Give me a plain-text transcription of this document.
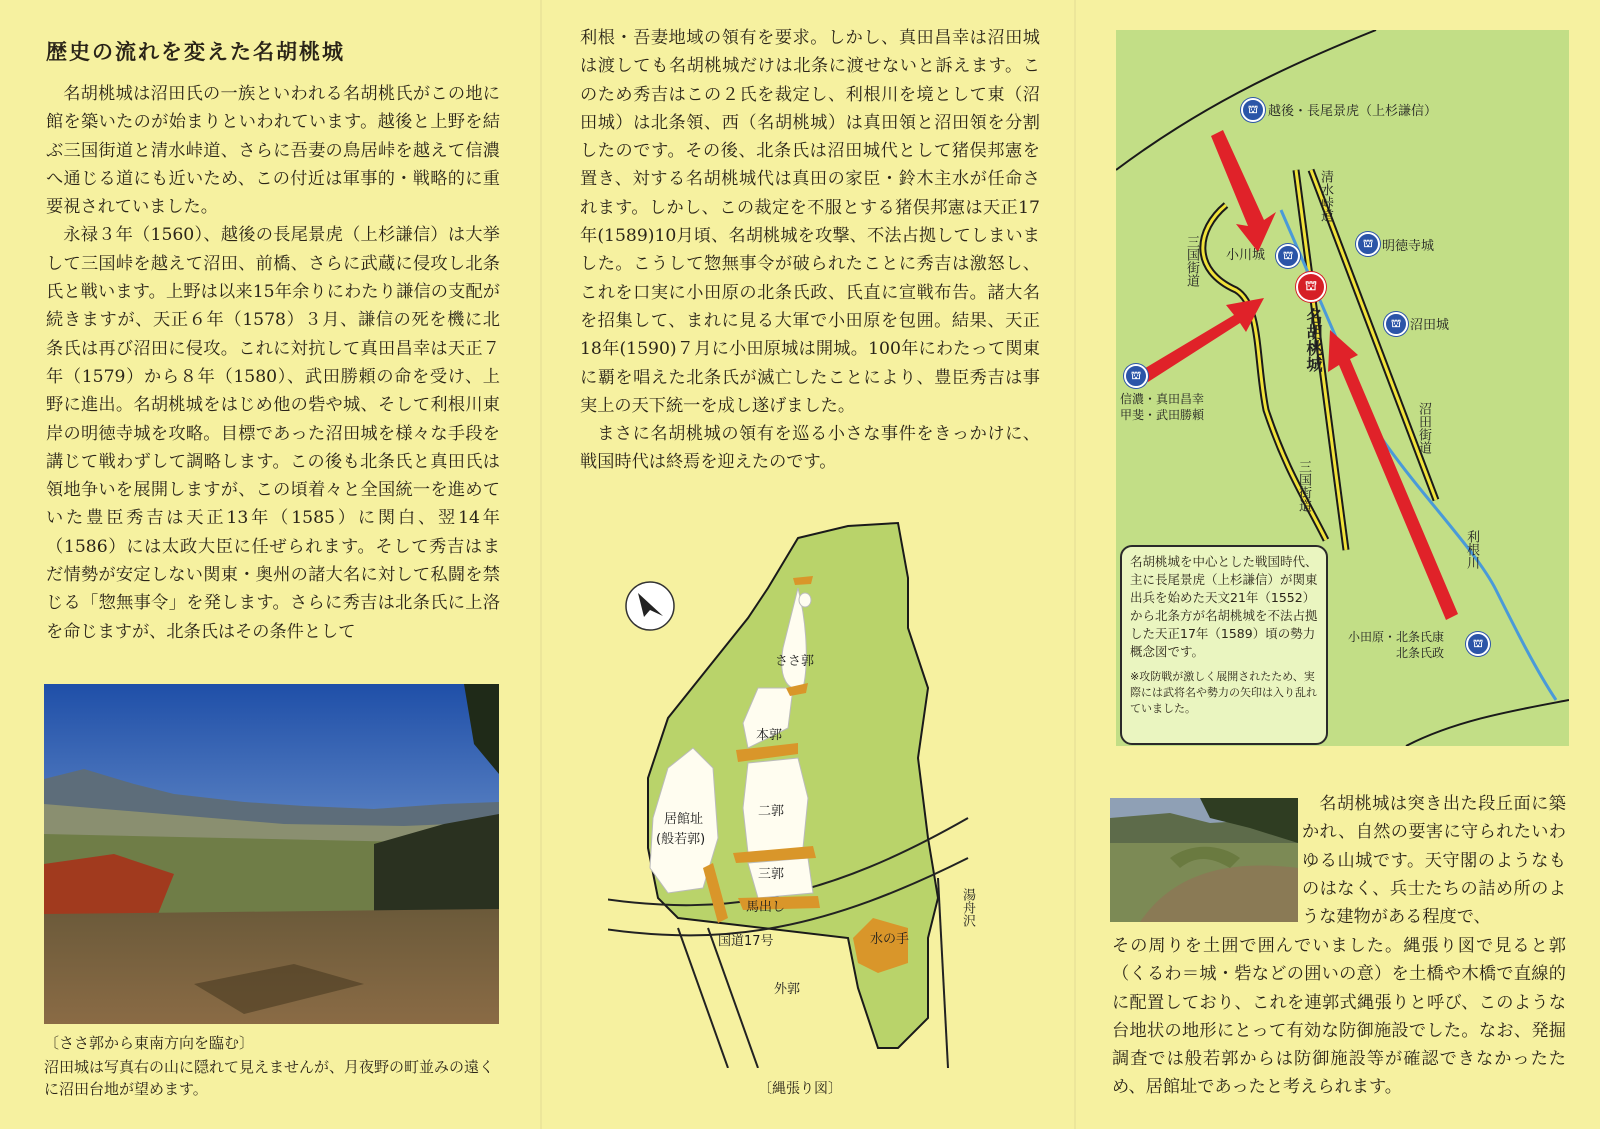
歴史の流れを変えた名胡桃城

名胡桃城は沼田氏の一族といわれる名胡桃氏がこの地に館を築いたのが始まりといわれています。越後と上野を結ぶ三国街道と清水峠道、さらに吾妻の鳥居峠を越えて信濃へ通じる道にも近いため、この付近は軍事的・戦略的に重要視されていました。

永禄３年（1560）、越後の長尾景虎（上杉謙信）は大挙して三国峠を越えて沼田、前橋、さらに武蔵に侵攻し北条氏と戦います。上野は以来15年余りにわたり謙信の支配が続きますが、天正６年（1578）３月、謙信の死を機に北条氏は再び沼田に侵攻。これに対抗して真田昌幸は天正７年（1579）から８年（1580）、武田勝頼の命を受け、上野に進出。名胡桃城をはじめ他の砦や城、そして利根川東岸の明徳寺城を攻略。目標であった沼田城を様々な手段を講じて戦わずして調略します。この後も北条氏と真田氏は領地争いを展開しますが、この頃着々と全国統一を進めていた豊臣秀吉は天正13年（1585）に関白、翌14年（1586）には太政大臣に任ぜられます。そして秀吉はまだ情勢が安定しない関東・奥州の諸大名に対して私闘を禁じる「惣無事令」を発します。さらに秀吉は北条氏に上洛を命じますが、北条氏はその条件として

〔ささ郭から東南方向を臨む〕

沼田城は写真右の山に隠れて見えませんが、月夜野の町並みの遠くに沼田台地が望めます。

利根・吾妻地域の領有を要求。しかし、真田昌幸は沼田城は渡しても名胡桃城だけは北条に渡せないと訴えます。このため秀吉はこの２氏を裁定し、利根川を境として東（沼田城）は北条領、西（名胡桃城）は真田領と沼田領を分割したのです。その後、北条氏は沼田城代として猪俣邦憲を置き、対する名胡桃城代は真田の家臣・鈴木主水が任命されます。しかし、この裁定を不服とする猪俣邦憲は天正17年(1589)10月頃、名胡桃城を攻撃、不法占拠してしまいました。こうして惣無事令が破られたことに秀吉は激怒し、これを口実に小田原の北条氏政、氏直に宣戦布告。諸大名を招集して、まれに見る大軍で小田原を包囲。結果、天正18年(1590)７月に小田原城は開城。100年にわたって関東に覇を唱えた北条氏が滅亡したことにより、豊臣秀吉は事実上の天下統一を成し遂げました。

まさに名胡桃城の領有を巡る小さな事件をきっかけに、戦国時代は終焉を迎えたのです。

ささ郭
本郭
二郭
三郭
居館址
(般若郭)
馬出し
水の手
国道17号
外郭
湯舟沢

〔縄張り図〕

⛫ 越後・長尾景虎（上杉謙信）
清水峠道
⛫ 明徳寺城
小川城	⛫
三国街道	⛫
名胡桃城	⛫ 沼田城
⛫
信濃・真田昌幸
甲斐・武田勝頼	沼田街道
三国街道
利根川
小田原・北条氏康
北条氏政
⛫

名胡桃城を中心とした戦国時代、主に長尾景虎（上杉謙信）が関東出兵を始めた天文21年（1552）から北条方が名胡桃城を不法占拠した天正17年（1589）頃の勢力概念図です。

※攻防戦が激しく展開されたため、実際には武将名や勢力の矢印は入り乱れていました。

名胡桃城は突き出た段丘面に築かれ、自然の要害に守られたいわゆる山城です。天守閣のようなものはなく、兵士たちの詰め所のような建物がある程度で、

その周りを土囲で囲んでいました。縄張り図で見ると郭（くるわ＝城・砦などの囲いの意）を土橋や木橋で直線的に配置しており、これを連郭式縄張りと呼び、このような台地状の地形にとって有効な防御施設でした。なお、発掘調査では般若郭からは防御施設等が確認できなかったため、居館址であったと考えられます。
